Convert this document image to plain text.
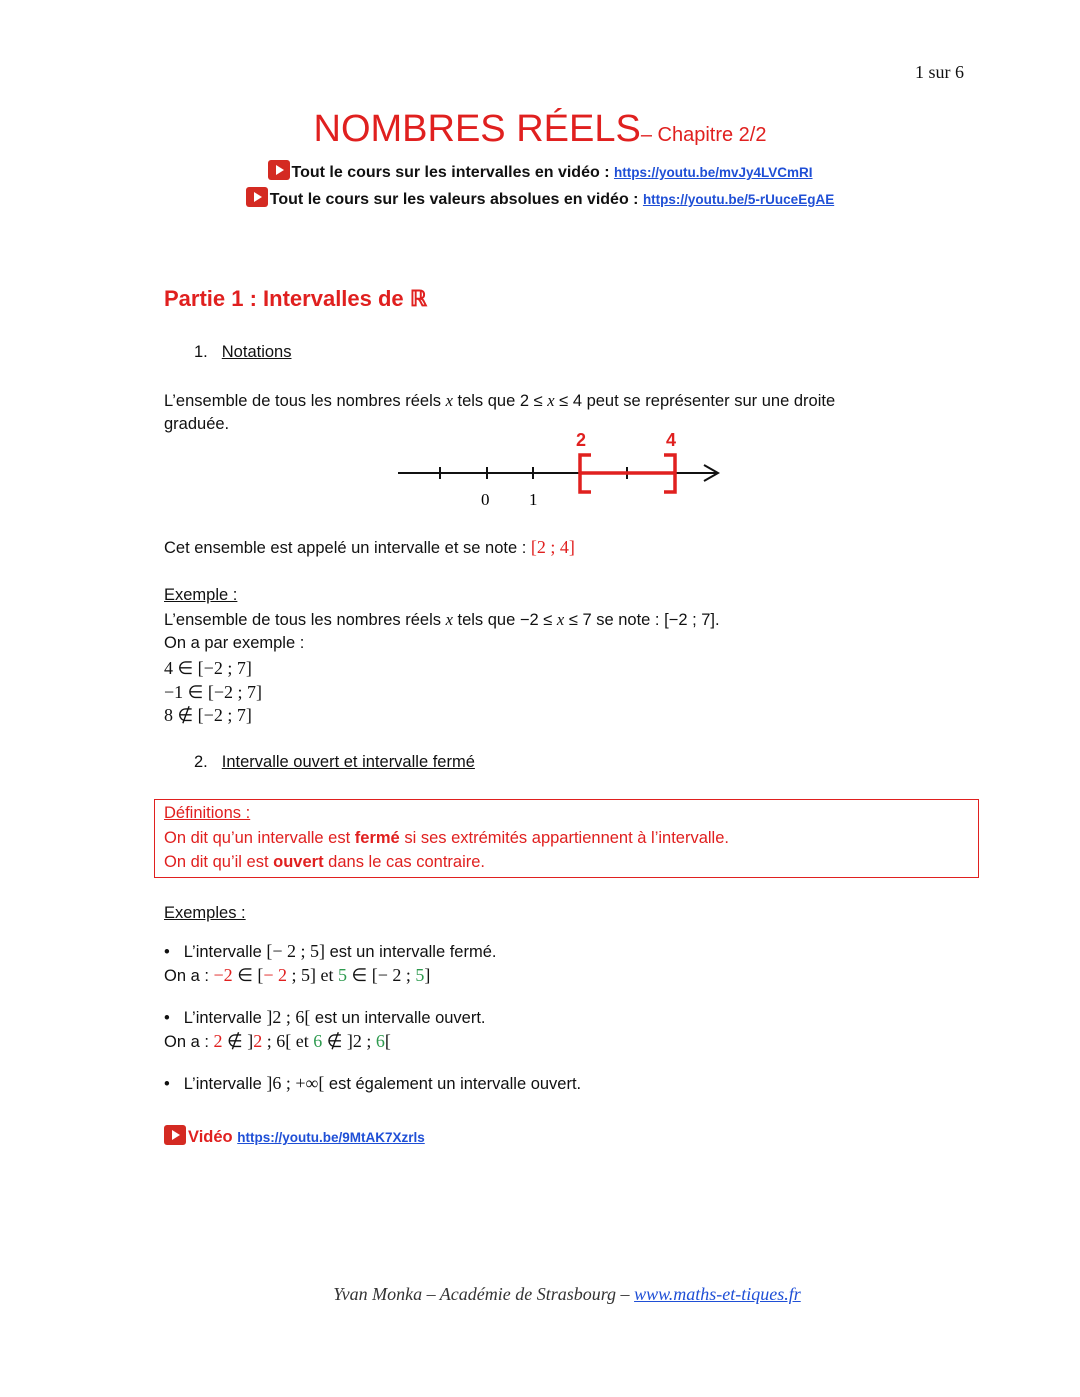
1 sur 6
NOMBRES RÉELS– Chapitre 2/2
Tout le cours sur les intervalles en vidéo : https://youtu.be/mvJy4LVCmRI
Tout le cours sur les valeurs absolues en vidéo : https://youtu.be/5-rUuceEgAE
Partie 1 : Intervalles de ℝ
1. Notations
L’ensemble de tous les nombres réels x tels que 2 ≤ x ≤ 4 peut se représenter sur une droite
graduée.
2	4
0 1
Cet ensemble est appelé un intervalle et se note : [2 ; 4]
Exemple :
L’ensemble de tous les nombres réels x tels que −2 ≤ x ≤ 7 se note : [−2 ; 7].
On a par exemple :
4 ∈ [−2 ; 7]
−1 ∈ [−2 ; 7]
8 ∉ [−2 ; 7]
2. Intervalle ouvert et intervalle fermé
Définitions :
On dit qu’un intervalle est fermé si ses extrémités appartiennent à l’intervalle.
On dit qu’il est ouvert dans le cas contraire.
Exemples :
• L’intervalle [− 2 ; 5] est un intervalle fermé.
On a : −2 ∈ [− 2 ; 5] et 5 ∈ [− 2 ; 5]
• L’intervalle ]2 ; 6[ est un intervalle ouvert.
On a : 2 ∉ ]2 ; 6[ et 6 ∉ ]2 ; 6[
• L’intervalle ]6 ; +∞[ est également un intervalle ouvert.
Vidéo https://youtu.be/9MtAK7Xzrls
Yvan Monka – Académie de Strasbourg – www.maths-et-tiques.fr
